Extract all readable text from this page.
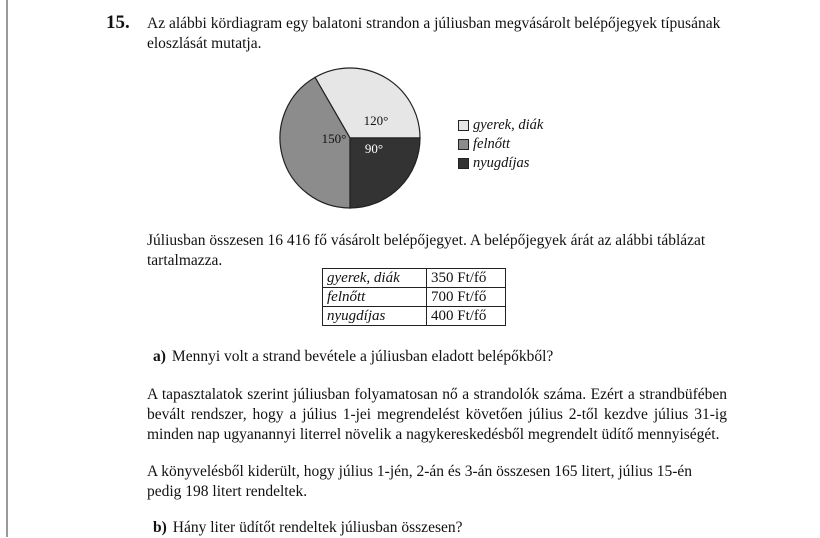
15. Az alábbi kördiagram egy balatoni strandon a júliusban megvásárolt belépőjegyek típusának eloszlását mutatja.

120°
150°
90°
gyerek, diák
felnőtt
nyugdíjas

Júliusban összesen 16 416 fő vásárolt belépőjegyet. A belépőjegyek árát az alábbi táblázat tartalmazza.

gyerek, diák	350 Ft/fő
felnőtt	700 Ft/fő
nyugdíjas	400 Ft/fő

a) Mennyi volt a strand bevétele a júliusban eladott belépőkből?

A tapasztalatok szerint júliusban folyamatosan nő a strandolók száma. Ezért a strandbüfében bevált rendszer, hogy a július 1-jei megrendelést követően július 2-től kezdve július 31-ig minden nap ugyanannyi literrel növelik a nagykereskedésből megrendelt üdítő mennyiségét.

A könyvelésből kiderült, hogy július 1-jén, 2-án és 3-án összesen 165 litert, július 15-én pedig 198 litert rendeltek.

b) Hány liter üdítőt rendeltek júliusban összesen?
